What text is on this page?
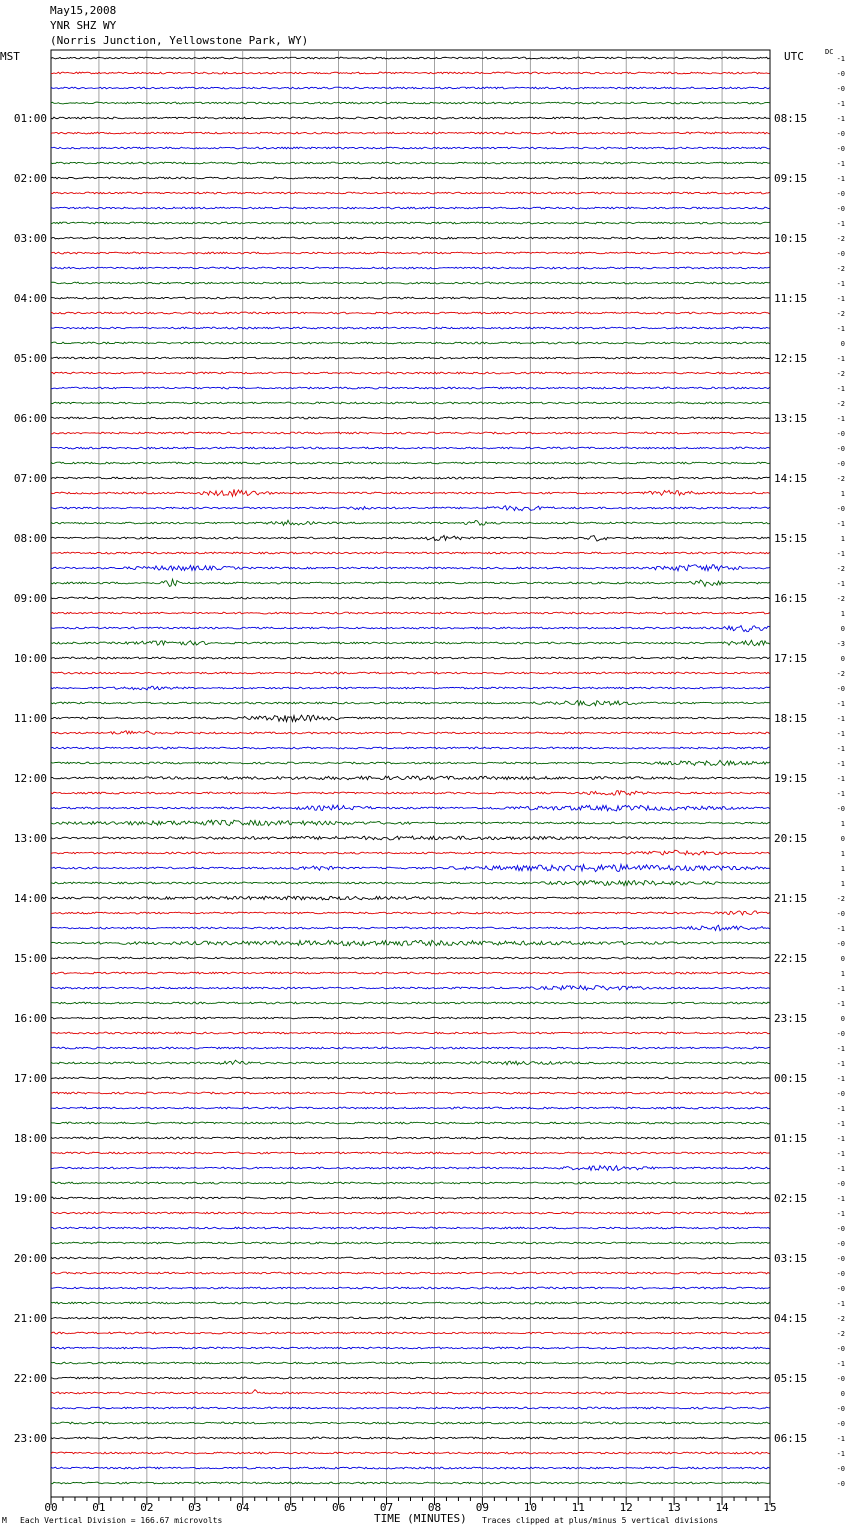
May15,2008
YNR SHZ WY
(Norris Junction, Yellowstone Park, WY)
MST	UTC	DC
01:00
02:00
03:00
04:00
05:00
06:00
07:00
08:00
09:00
10:00
11:00
12:00
13:00
14:00
15:00
16:00
17:00
18:00
19:00
20:00
21:00
22:00
23:00
08:15
09:15
10:15
11:15
12:15
13:15
14:15
15:15
16:15
17:15
18:15
19:15
20:15
21:15
22:15
23:15
00:15
01:15
02:15
03:15
04:15
05:15
06:15
-1
-0
-0
-1
-1
-0
-0
-1
-1
-0
-0
-1
-2
-0
-2
-1
-1
-2
-1
0
-1
-2
-1
-2
-1
-0
-0
-0
-2
1
-0
-1
1
-1
-2
-1
-2
1
0
-3
0
-2
-0
-1
-1
-1
-1
-1
-1
-1
-0
1
0
1
1
1
-2
-0
-1
-0
0
1
-1
-1
0
-0
-1
-1
-1
-0
-1
-1
-1
-1
-1
-0
-1
-1
-0
-0
-0
-0
-0
-1
-2
-2
-0
-1
-0
0
-0
-0
-1
-1
-0
-0
00	01	02	03	04	05	06	07	08	09	10	11	12	13	14	15
M Each Vertical Division = 166.67 microvolts	TIME (MINUTES) Traces clipped at plus/minus 5 vertical divisions
